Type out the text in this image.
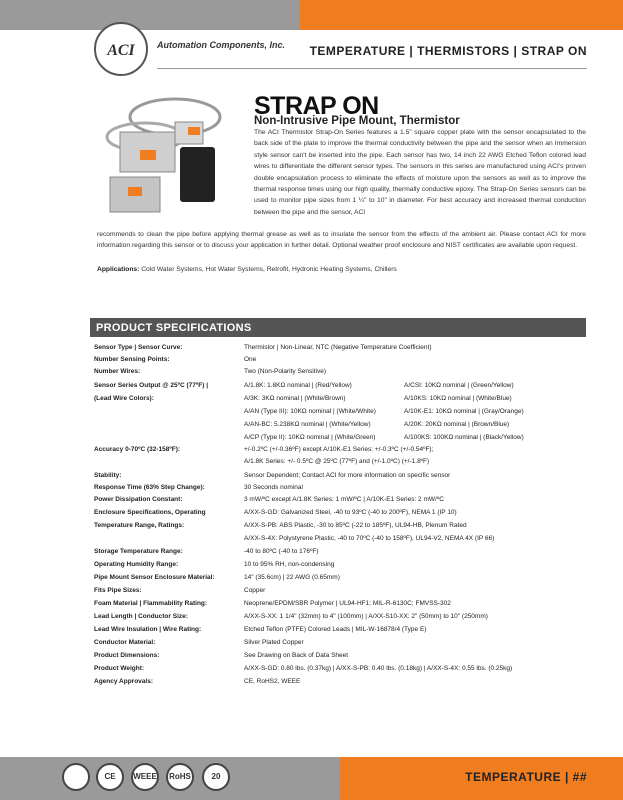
ACI	Automation Components, Inc. TEMPERATURE | THERMISTORS | STRAP ON
STRAP ON
Non-Intrusive Pipe Mount, Thermistor
The ACI Thermistor Strap-On Series features a 1.5" square copper plate with the sensor encapsulated to the back side of the plate to improve the thermal conductivity between the pipe and the sensor when an Immersion style sensor can't be inserted into the pipe. Each sensor has two, 14 inch 22 AWG Etched Teflon colored lead wires to differentiate the different sensor types. The sensors in this series are manufactured using ACI's proven double encapsulation process to eliminate the effects of moisture upon the sensors as well as to improve the thermal response times using our high quality, thermally conductive epoxy. The Strap-On Series sensors can be used to monitor pipe sizes from 1 ¼" to 10" in diameter. For best accuracy and increased thermal conduction between the pipe and the sensor, ACI
recommends to clean the pipe before applying thermal grease as well as to insulate the sensor from the effects of the ambient air. Please contact ACI for more information regarding this sensor or to discuss your application in further detail. Optional weather proof enclosure and NIST certificates are available upon request.
Applications: Cold Water Systems, Hot Water Systems, Retrofit, Hydronic Heating Systems, Chillers
PRODUCT SPECIFICATIONS
Sensor Type | Sensor Curve:	Thermistor | Non-Linear, NTC (Negative Temperature Coefficient)
Number Sensing Points:	One
Number Wires:	Two (Non-Polarity Sensitive)
Sensor Series Output @ 25ºC (77ºF) |
(Lead Wire Colors):
A/1.8K: 1.8KΩ nominal | (Red/Yellow)	A/CSI: 10KΩ nominal | (Green/Yellow)
A/3K: 3KΩ nominal | (White/Brown)	A/10KS: 10KΩ nominal | (White/Blue)
A/AN (Type III): 10KΩ nominal | (White/White)	A/10K-E1: 10KΩ nominal | (Gray/Orange)
A/AN-BC: 5.238KΩ nominal | (White/Yellow)	A/20K: 20KΩ nominal | (Brown/Blue)
A/CP (Type II): 10KΩ nominal | (White/Green)	A/100KS: 100KΩ nominal | (Black/Yellow)
Accuracy 0-70ºC (32-158ºF):	+/-0.2ºC (+/-0.36ºF) except A/10K-E1 Series: +/-0.3ºC (+/-0.54ºF);
A/1.8K Series: +/- 0.5ºC @ 25ºC (77ºF) and (+/-1.0ºC) (+/-1.8ºF)
Stability:	Sensor Dependent; Contact ACI for more information on specific sensor
Response Time (63% Step Change):	30 Seconds nominal
Power Dissipation Constant:	3 mW/ºC except A/1.8K Series: 1 mW/ºC | A/10K-E1 Series: 2 mW/ºC
Enclosure Specifications, Operating
Temperature Range, Ratings:
A/XX-S-GD: Galvanized Steel, -40 to 93ºC (-40 to 200ºF), NEMA 1 (IP 10)
A/XX-S-PB: ABS Plastic, -30 to 85ºC (-22 to 185ºF), UL94-HB, Plenum Rated
A/XX-S-4X: Polystyrene Plastic, -40 to 70ºC (-40 to 158ºF), UL94-V2, NEMA 4X (IP 66)
Storage Temperature Range:	-40 to 80ºC (-40 to 176ºF)
Operating Humidity Range:	10 to 95% RH, non-condensing
Pipe Mount Sensor Enclosure Material:	14" (35.6cm) | 22 AWG (0.65mm)
Fits Pipe Sizes:	Copper
Foam Material | Flammability Rating:	Neoprene/EPDM/SBR Polymer | UL94-HF1; MIL-R-6130C; FMVSS-302
Lead Length | Conductor Size:	A/XX-S-XX: 1 1/4" (32mm) to 4" (100mm) | A/XX-S10-XX: 2" (50mm) to 10" (250mm)
Lead Wire Insulation | Wire Rating:	Etched Teflon (PTFE) Colored Leads | MIL-W-16878/4 (Type E)
Conductor Material:	Silver Plated Copper
Product Dimensions:	See Drawing on Back of Data Sheet
Product Weight:	A/XX-S-GD: 0.80 lbs. (0.37kg) | A/XX-S-PB: 0.40 lbs. (0.18kg) | A/XX-S-4X: 0.55 lbs. (0.25kg)
Agency Approvals:	CE, RoHS2, WEEE
CE	WEEE	RoHS	20	TEMPERATURE | ##
